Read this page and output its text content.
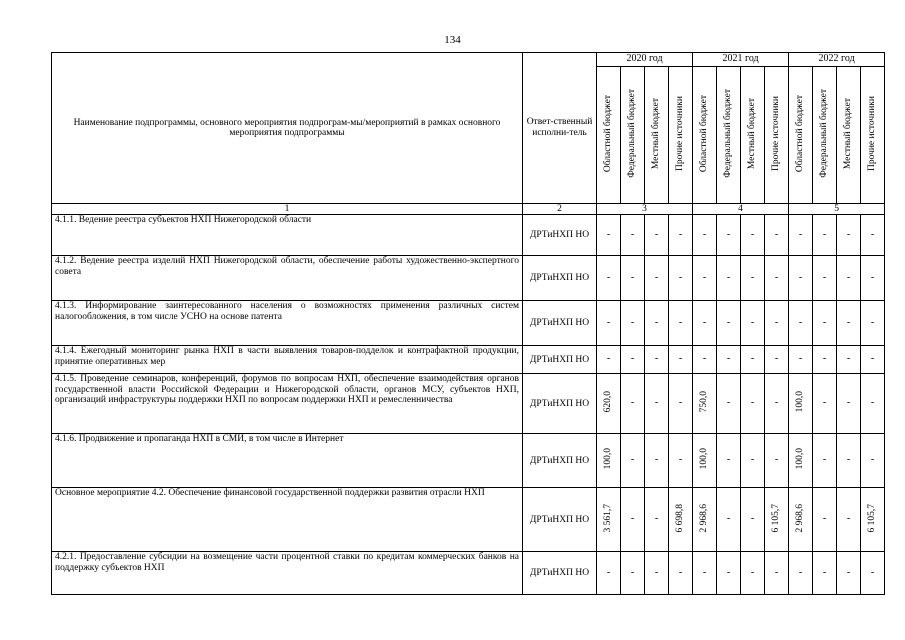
134
Наименование подпрограммы, основного мероприятия подпрограм-мы/мероприятий в рамках основного мероприятия подпрограммы	Ответ-ственный исполни-тель	2020 год				2021 год				2022 год			
		Областной бюджет	Федеральный бюджет	Местный бюджет	Прочие источники	Областной бюджет	Федеральный бюджет	Местный бюджет	Прочие источники	Областной бюджет	Федеральный бюджет	Местный бюджет	Прочие источники
1	2	3				4				5			
4.1.1. Ведение реестра субъектов НХП Нижегородской области	ДРТиНХП НО	-	-	-	-	-	-	-	-	-	-	-	-
4.1.2. Ведение реестра изделий НХП Нижегородской области, обеспечение работы художественно-экспертного совета	ДРТиНХП НО	-	-	-	-	-	-	-	-	-	-	-	-
4.1.3. Информирование заинтересованного населения о возможностях применения различных систем налогообложения, в том числе УСНО на основе патента	ДРТиНХП НО	-	-	-	-	-	-	-	-	-	-	-	-
4.1.4. Ежегодный мониторинг рынка НХП в части выявления товаров-подделок и контрафактной продукции, принятие оперативных мер	ДРТиНХП НО	-	-	-	-	-	-	-	-	-	-	-	-
4.1.5. Проведение семинаров, конференций, форумов по вопросам НХП, обеспечение взаимодействия органов государственной власти Российской Федерации и Нижегородской области, органов МСУ, субъектов НХП, организаций инфраструктуры поддержки НХП по вопросам поддержки НХП и ремесленничества	ДРТиНХП НО	620,0	-	-	-	750,0	-	-	-	100,0	-	-	-
4.1.6. Продвижение и пропаганда НХП в СМИ, в том числе в Интернет	ДРТиНХП НО	100,0	-	-	-	100,0	-	-	-	100,0	-	-	-
Основное мероприятие 4.2. Обеспечение финансовой государственной поддержки развития отрасли НХП	ДРТиНХП НО	3 561,7	-	-	6 698,8	2 968,6	-	-	6 105,7	2 968,6	-	-	6 105,7
4.2.1. Предоставление субсидии на возмещение части процентной ставки по кредитам коммерческих банков на поддержку субъектов НХП	ДРТиНХП НО	-	-	-	-	-	-	-	-	-	-	-	-
